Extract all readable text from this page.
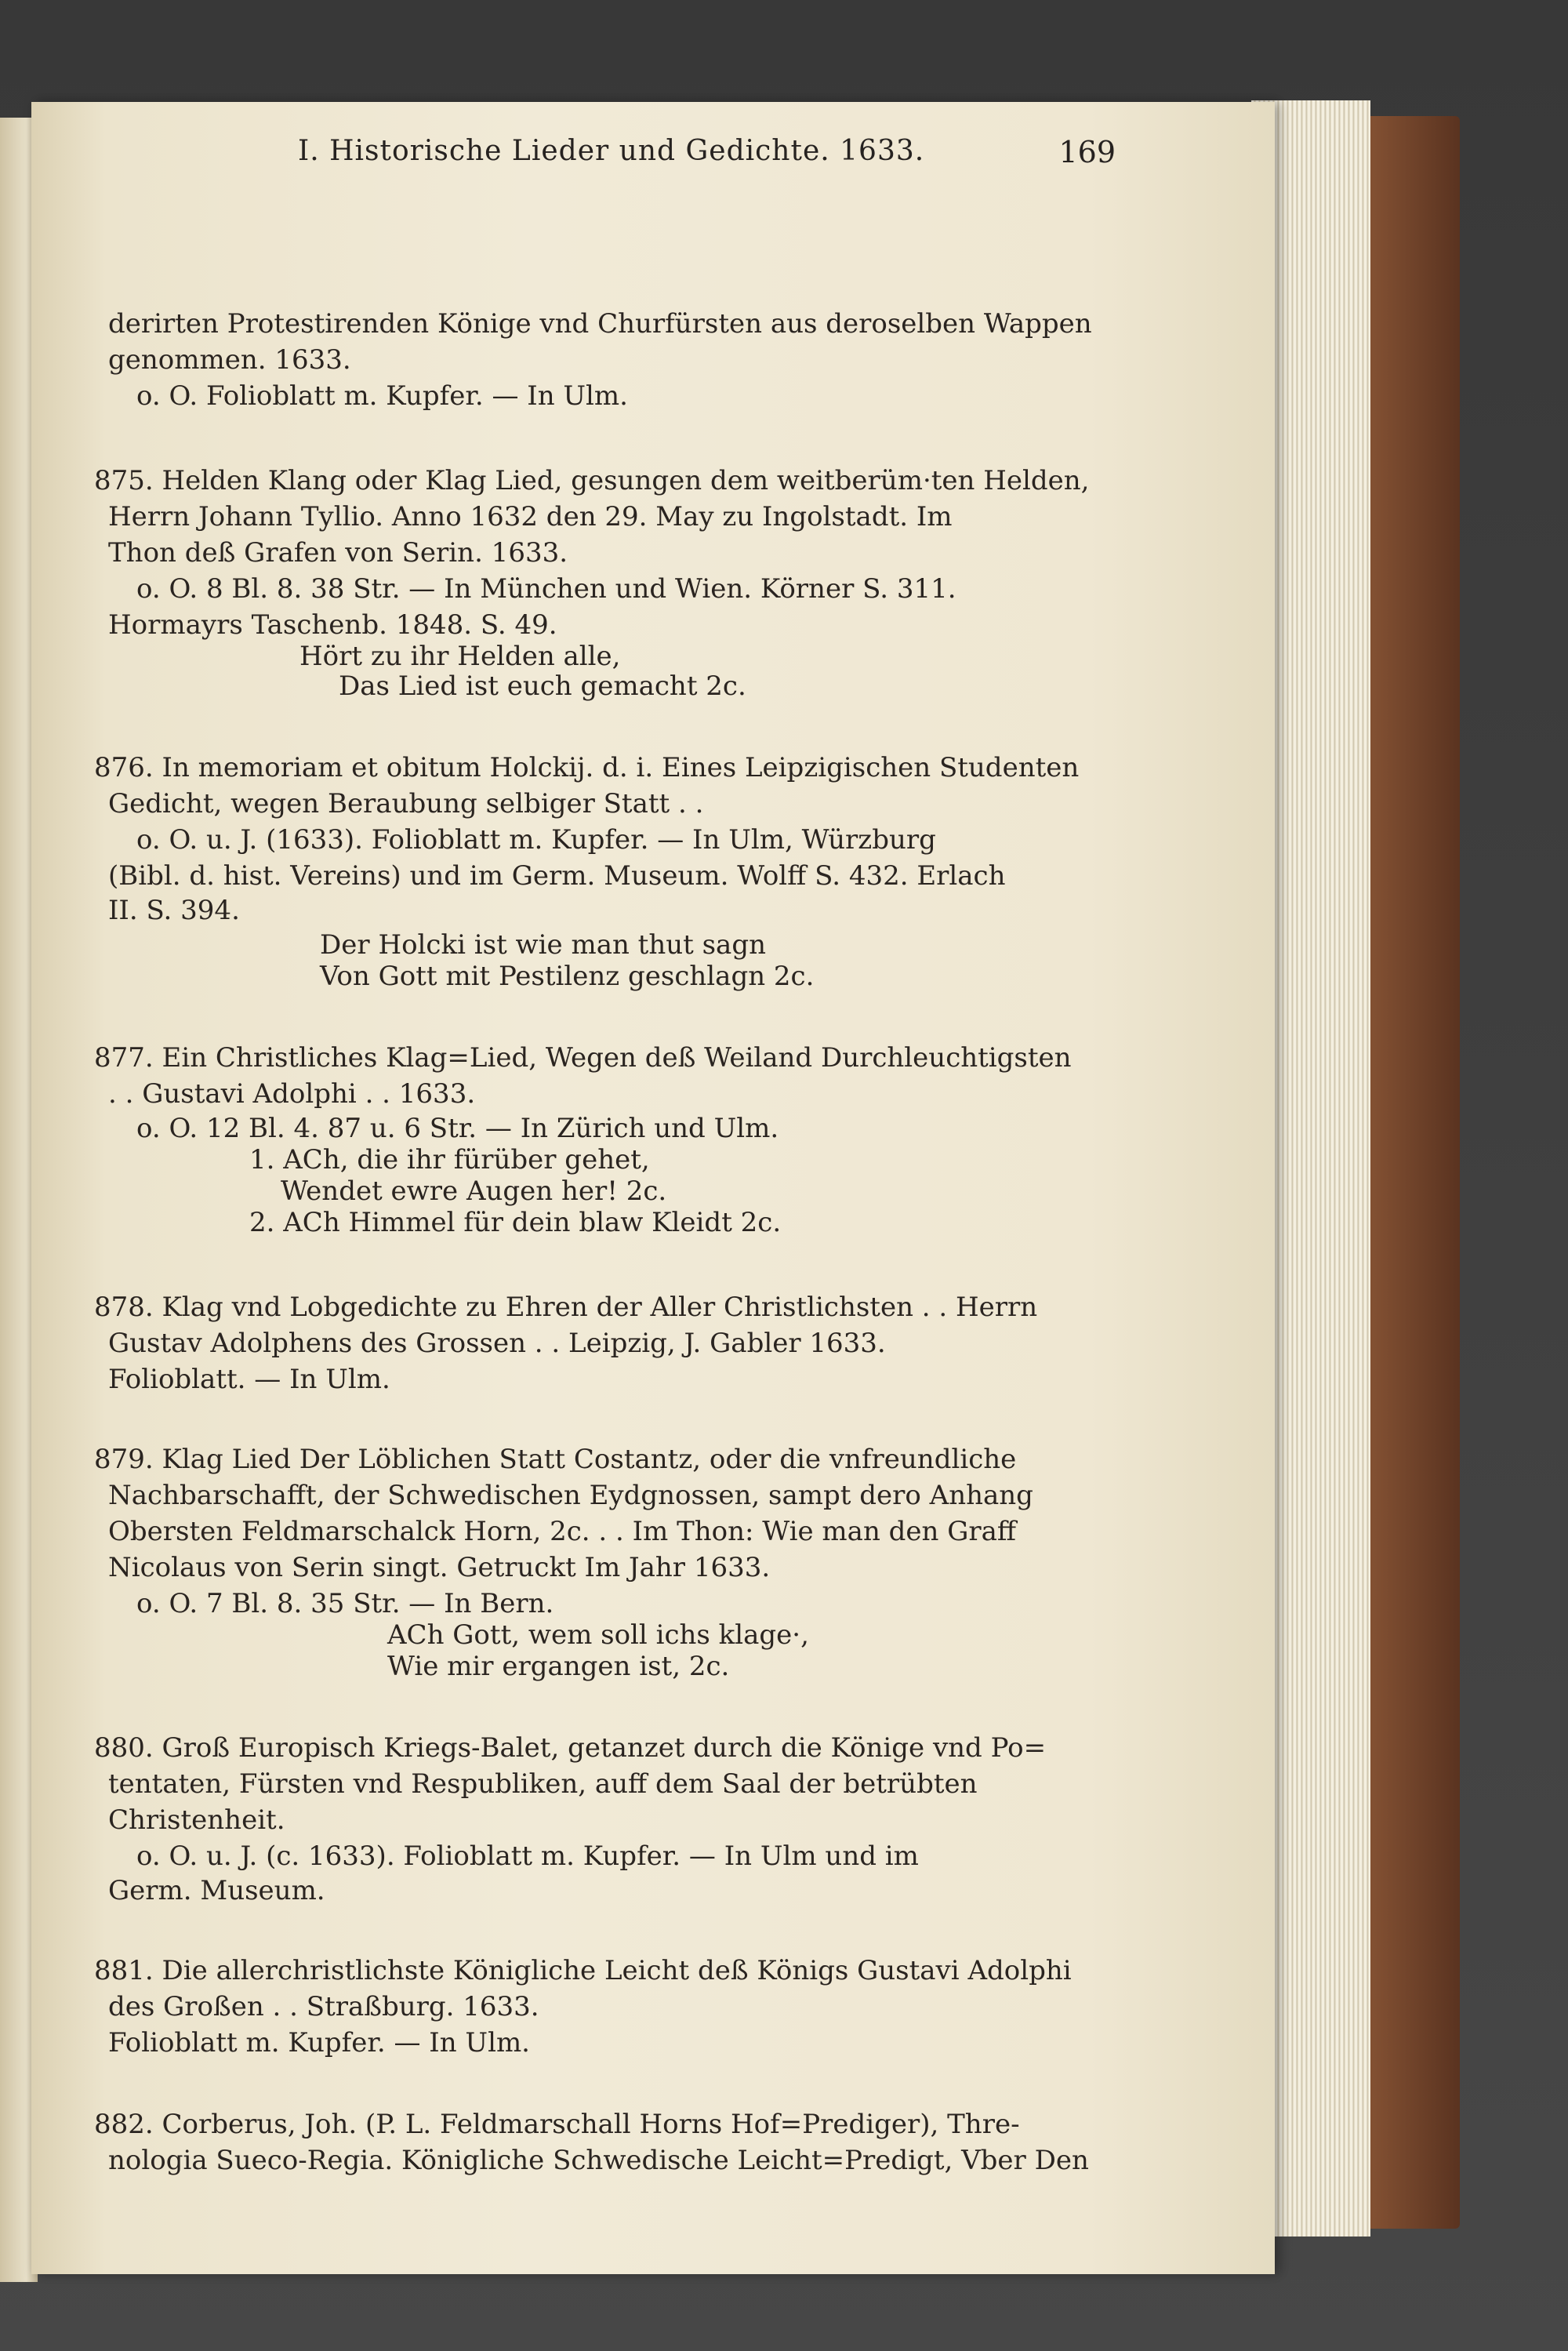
I. Historische Lieder und Gedichte. 1633.	169
derirten Protestirenden Könige vnd Churfürsten aus deroselben Wappen
genommen. 1633.
o. O. Folioblatt m. Kupfer. — In Ulm.
875. Helden Klang oder Klag Lied, gesungen dem weitberüm·ten Helden,
Herrn Johann Tyllio. Anno 1632 den 29. May zu Ingolstadt. Im
Thon deß Grafen von Serin. 1633.
o. O. 8 Bl. 8. 38 Str. — In München und Wien. Körner S. 311.
Hormayrs Taschenb. 1848. S. 49.
Hört zu ihr Helden alle,
Das Lied ist euch gemacht 2c.
876. In memoriam et obitum Holckij. d. i. Eines Leipzigischen Studenten
Gedicht, wegen Beraubung selbiger Statt . .
o. O. u. J. (1633). Folioblatt m. Kupfer. — In Ulm, Würzburg
(Bibl. d. hist. Vereins) und im Germ. Museum. Wolff S. 432. Erlach
II. S. 394.
Der Holcki ist wie man thut sagn
Von Gott mit Pestilenz geschlagn 2c.
877. Ein Christliches Klag=Lied, Wegen deß Weiland Durchleuchtigsten
. . Gustavi Adolphi . . 1633.
o. O. 12 Bl. 4. 87 u. 6 Str. — In Zürich und Ulm.
1. ACh, die ihr fürüber gehet,
Wendet ewre Augen her! 2c.
2. ACh Himmel für dein blaw Kleidt 2c.
878. Klag vnd Lobgedichte zu Ehren der Aller Christlichsten . . Herrn
Gustav Adolphens des Grossen . . Leipzig, J. Gabler 1633.
Folioblatt. — In Ulm.
879. Klag Lied Der Löblichen Statt Costantz, oder die vnfreundliche
Nachbarschafft, der Schwedischen Eydgnossen, sampt dero Anhang
Obersten Feldmarschalck Horn, 2c. . . Im Thon: Wie man den Graff
Nicolaus von Serin singt. Getruckt Im Jahr 1633.
o. O. 7 Bl. 8. 35 Str. — In Bern.
ACh Gott, wem soll ichs klage·,
Wie mir ergangen ist, 2c.
880. Groß Europisch Kriegs-Balet, getanzet durch die Könige vnd Po=
tentaten, Fürsten vnd Respubliken, auff dem Saal der betrübten
Christenheit.
o. O. u. J. (c. 1633). Folioblatt m. Kupfer. — In Ulm und im
Germ. Museum.
881. Die allerchristlichste Königliche Leicht deß Königs Gustavi Adolphi
des Großen . . Straßburg. 1633.
Folioblatt m. Kupfer. — In Ulm.
882. Corberus, Joh. (P. L. Feldmarschall Horns Hof=Prediger), Thre-
nologia Sueco-Regia. Königliche Schwedische Leicht=Predigt, Vber Den
